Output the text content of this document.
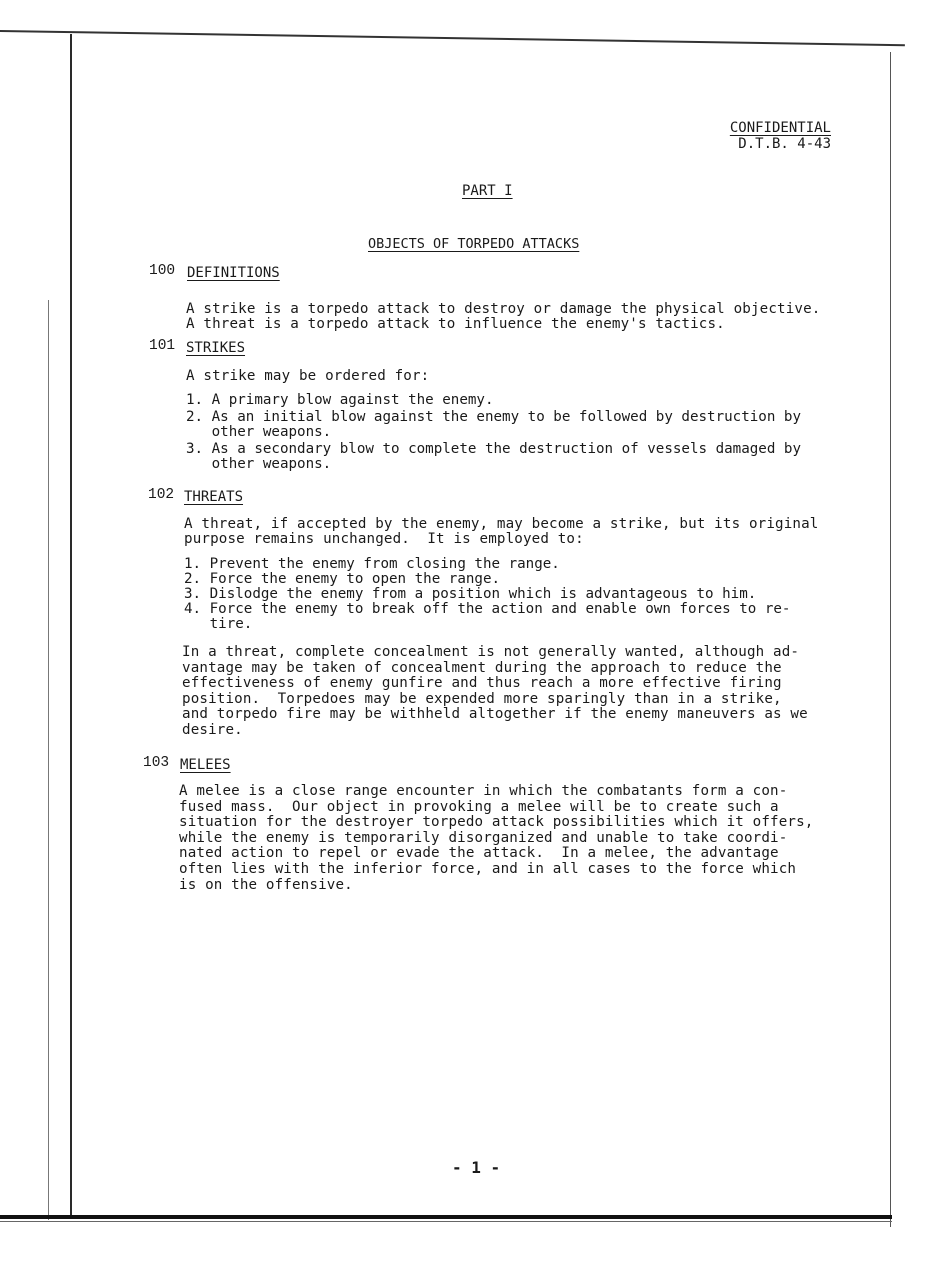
CONFIDENTIAL
D.T.B. 4-43
PART I
OBJECTS OF TORPEDO ATTACKS
100 DEFINITIONS
A strike is a torpedo attack to destroy or damage the physical objective.
A threat is a torpedo attack to influence the enemy's tactics.
101 STRIKES
A strike may be ordered for:
1. A primary blow against the enemy.
2. As an initial blow against the enemy to be followed by destruction by
other weapons.
3. As a secondary blow to complete the destruction of vessels damaged by
other weapons.
102 THREATS
A threat, if accepted by the enemy, may become a strike, but its original
purpose remains unchanged.  It is employed to:
1. Prevent the enemy from closing the range.
2. Force the enemy to open the range.
3. Dislodge the enemy from a position which is advantageous to him.
4. Force the enemy to break off the action and enable own forces to re-
tire.
In a threat, complete concealment is not generally wanted, although ad-
vantage may be taken of concealment during the approach to reduce the
effectiveness of enemy gunfire and thus reach a more effective firing
position.  Torpedoes may be expended more sparingly than in a strike,
and torpedo fire may be withheld altogether if the enemy maneuvers as we
desire.
103 MELEES
A melee is a close range encounter in which the combatants form a con-
fused mass.  Our object in provoking a melee will be to create such a
situation for the destroyer torpedo attack possibilities which it offers,
while the enemy is temporarily disorganized and unable to take coordi-
nated action to repel or evade the attack.  In a melee, the advantage
often lies with the inferior force, and in all cases to the force which
is on the offensive.
- 1 -
